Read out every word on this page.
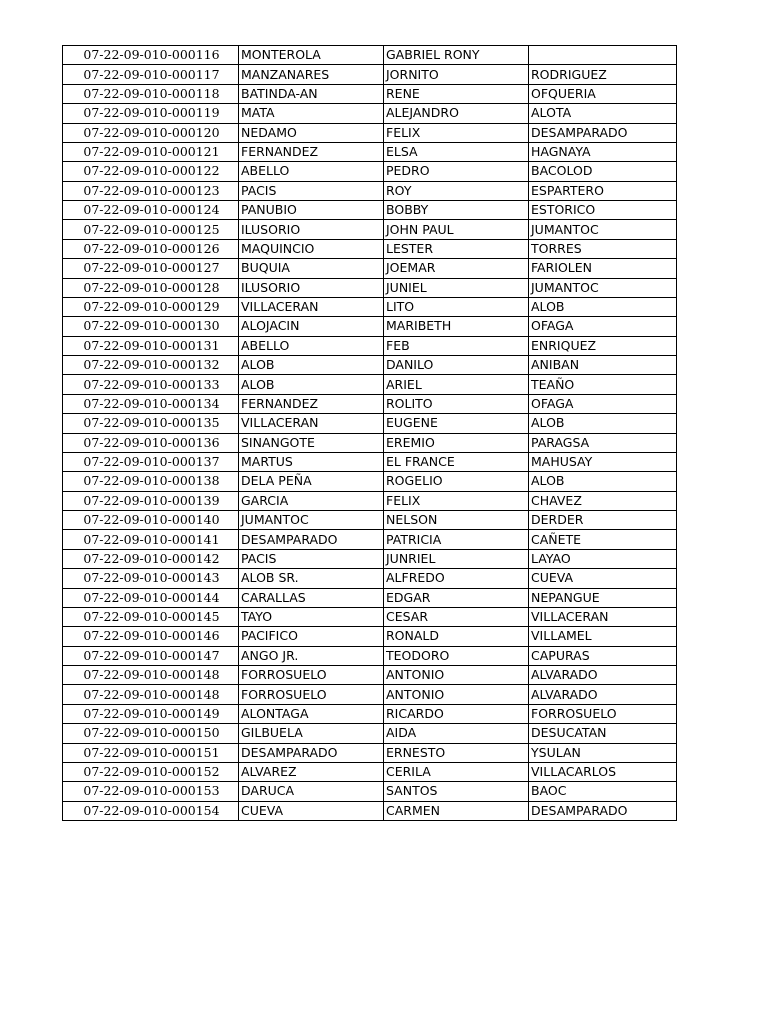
07-22-09-010-000116	MONTEROLA	GABRIEL RONY	
07-22-09-010-000117	MANZANARES	JORNITO	RODRIGUEZ
07-22-09-010-000118	BATINDA-AN	RENE	OFQUERIA
07-22-09-010-000119	MATA	ALEJANDRO	ALOTA
07-22-09-010-000120	NEDAMO	FELIX	DESAMPARADO
07-22-09-010-000121	FERNANDEZ	ELSA	HAGNAYA
07-22-09-010-000122	ABELLO	PEDRO	BACOLOD
07-22-09-010-000123	PACIS	ROY	ESPARTERO
07-22-09-010-000124	PANUBIO	BOBBY	ESTORICO
07-22-09-010-000125	ILUSORIO	JOHN PAUL	JUMANTOC
07-22-09-010-000126	MAQUINCIO	LESTER	TORRES
07-22-09-010-000127	BUQUIA	JOEMAR	FARIOLEN
07-22-09-010-000128	ILUSORIO	JUNIEL	JUMANTOC
07-22-09-010-000129	VILLACERAN	LITO	ALOB
07-22-09-010-000130	ALOJACIN	MARIBETH	OFAGA
07-22-09-010-000131	ABELLO	FEB	ENRIQUEZ
07-22-09-010-000132	ALOB	DANILO	ANIBAN
07-22-09-010-000133	ALOB	ARIEL	TEAÑO
07-22-09-010-000134	FERNANDEZ	ROLITO	OFAGA
07-22-09-010-000135	VILLACERAN	EUGENE	ALOB
07-22-09-010-000136	SINANGOTE	EREMIO	PARAGSA
07-22-09-010-000137	MARTUS	EL FRANCE	MAHUSAY
07-22-09-010-000138	DELA PEÑA	ROGELIO	ALOB
07-22-09-010-000139	GARCIA	FELIX	CHAVEZ
07-22-09-010-000140	JUMANTOC	NELSON	DERDER
07-22-09-010-000141	DESAMPARADO	PATRICIA	CAÑETE
07-22-09-010-000142	PACIS	JUNRIEL	LAYAO
07-22-09-010-000143	ALOB SR.	ALFREDO	CUEVA
07-22-09-010-000144	CARALLAS	EDGAR	NEPANGUE
07-22-09-010-000145	TAYO	CESAR	VILLACERAN
07-22-09-010-000146	PACIFICO	RONALD	VILLAMEL
07-22-09-010-000147	ANGO JR.	TEODORO	CAPURAS
07-22-09-010-000148	FORROSUELO	ANTONIO	ALVARADO
07-22-09-010-000148	FORROSUELO	ANTONIO	ALVARADO
07-22-09-010-000149	ALONTAGA	RICARDO	FORROSUELO
07-22-09-010-000150	GILBUELA	AIDA	DESUCATAN
07-22-09-010-000151	DESAMPARADO	ERNESTO	YSULAN
07-22-09-010-000152	ALVAREZ	CERILA	VILLACARLOS
07-22-09-010-000153	DARUCA	SANTOS	BAOC
07-22-09-010-000154	CUEVA	CARMEN	DESAMPARADO
